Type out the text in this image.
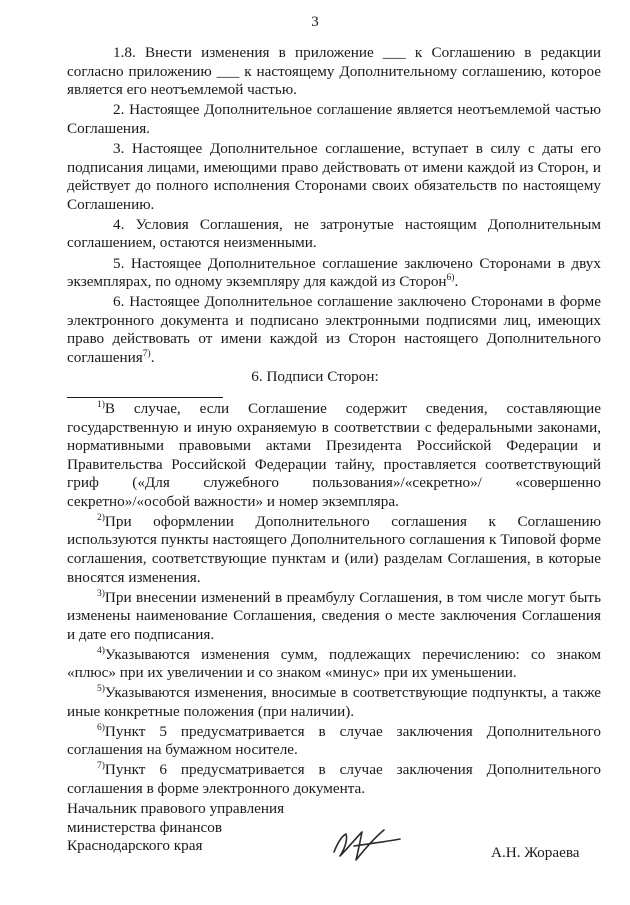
3

1.8. Внести изменения в приложение ___ к Соглашению в редакции согласно приложению ___ к настоящему Дополнительному соглашению, которое является его неотъемлемой частью.

2. Настоящее Дополнительное соглашение является неотъемлемой частью Соглашения.

3. Настоящее Дополнительное соглашение, вступает в силу с даты его подписания лицами, имеющими право действовать от имени каждой из Сторон, и действует до полного исполнения Сторонами своих обязательств по настоящему Соглашению.

4. Условия Соглашения, не затронутые настоящим Дополнительным соглашением, остаются неизменными.

5. Настоящее Дополнительное соглашение заключено Сторонами в двух экземплярах, по одному экземпляру для каждой из Сторон$^{6)}$.

6. Настоящее Дополнительное соглашение заключено Сторонами в форме электронного документа и подписано электронными подписями лиц, имеющих право действовать от имени каждой из Сторон настоящего Дополнительного соглашения$^{7)}$.

6. Подписи Сторон:

$^{1)}$В случае, если Соглашение содержит сведения, составляющие государственную и иную охраняемую в соответствии с федеральными законами, нормативными правовыми актами Президента Российской Федерации и Правительства Российской Федерации тайну, проставляется соответствующий гриф («Для служебного пользования»/«секретно»/ «совершенно секретно»/«особой важности» и номер экземпляра.

$^{2)}$При оформлении Дополнительного соглашения к Соглашению используются пункты настоящего Дополнительного соглашения к Типовой форме соглашения, соответствующие пунктам и (или) разделам Соглашения, в которые вносятся изменения.

$^{3)}$При внесении изменений в преамбулу Соглашения, в том числе могут быть изменены наименование Соглашения, сведения о месте заключения Соглашения и дате его подписания.

$^{4)}$Указываются изменения сумм, подлежащих перечислению: со знаком «плюс» при их увеличении и со знаком «минус» при их уменьшении.

$^{5)}$Указываются изменения, вносимые в соответствующие подпункты, а также иные конкретные положения (при наличии).

$^{6)}$Пункт 5 предусматривается в случае заключения Дополнительного соглашения на бумажном носителе.

$^{7)}$Пункт 6 предусматривается в случае заключения Дополнительного соглашения в форме электронного документа.

Начальник правового управления
министерства финансов
Краснодарского края	А.Н. Жораева
